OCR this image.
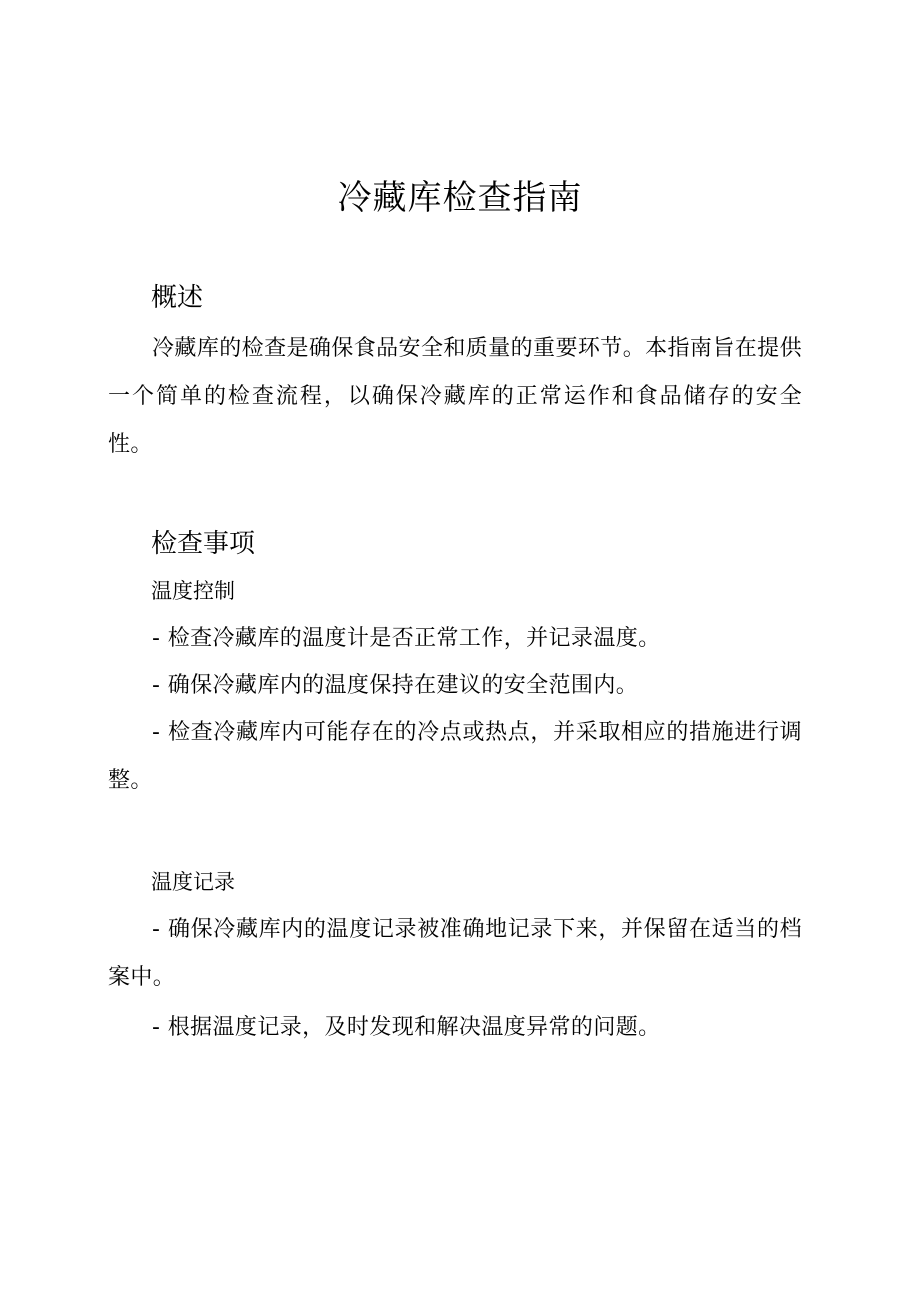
冷藏库检查指南
概述

冷藏库的检查是确保食品安全和质量的重要环节。本指南旨在提供一个简单的检查流程，以确保冷藏库的正常运作和食品储存的安全性。

检查事项
温度控制

- 检查冷藏库的温度计是否正常工作，并记录温度。

- 确保冷藏库内的温度保持在建议的安全范围内。

- 检查冷藏库内可能存在的冷点或热点，并采取相应的措施进行调整。

温度记录

- 确保冷藏库内的温度记录被准确地记录下来，并保留在适当的档案中。

- 根据温度记录，及时发现和解决温度异常的问题。
